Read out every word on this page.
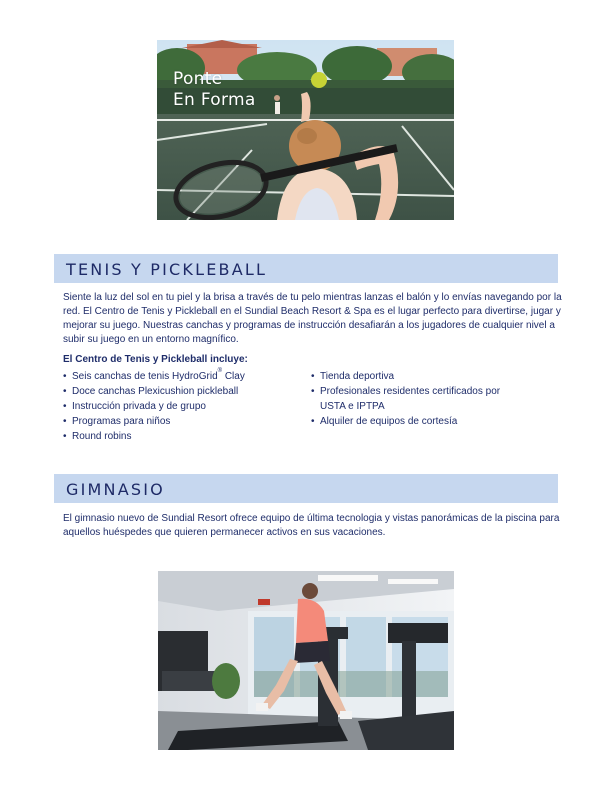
Ponte
En Forma
TENIS Y PICKLEBALL

Siente la luz del sol en tu piel y la brisa a través de tu pelo mientras lanzas el balón y lo envías navegando por la red. El Centro de Tenis y Pickleball en el Sundial Beach Resort & Spa es el lugar perfecto para divertirse, jugar y mejorar su juego. Nuestras canchas y programas de instrucción desafiarán a los jugadores de cualquier nivel a subir su juego en un entorno magnífico.

El Centro de Tenis y Pickleball incluye:
• Seis canchas de tenis HydroGrid® Clay
• Doce canchas Plexicushion pickleball
• Instrucción privada y de grupo
• Programas para niños
• Round robins
• Tienda deportiva
• Profesionales residentes certificados por USTA e IPTPA
• Alquiler de equipos de cortesía
GIMNASIO

El gimnasio nuevo de Sundial Resort ofrece equipo de última tecnologia y vistas panorámicas de la piscina para aquellos huéspedes que quieren permanecer activos en sus vacaciones.
